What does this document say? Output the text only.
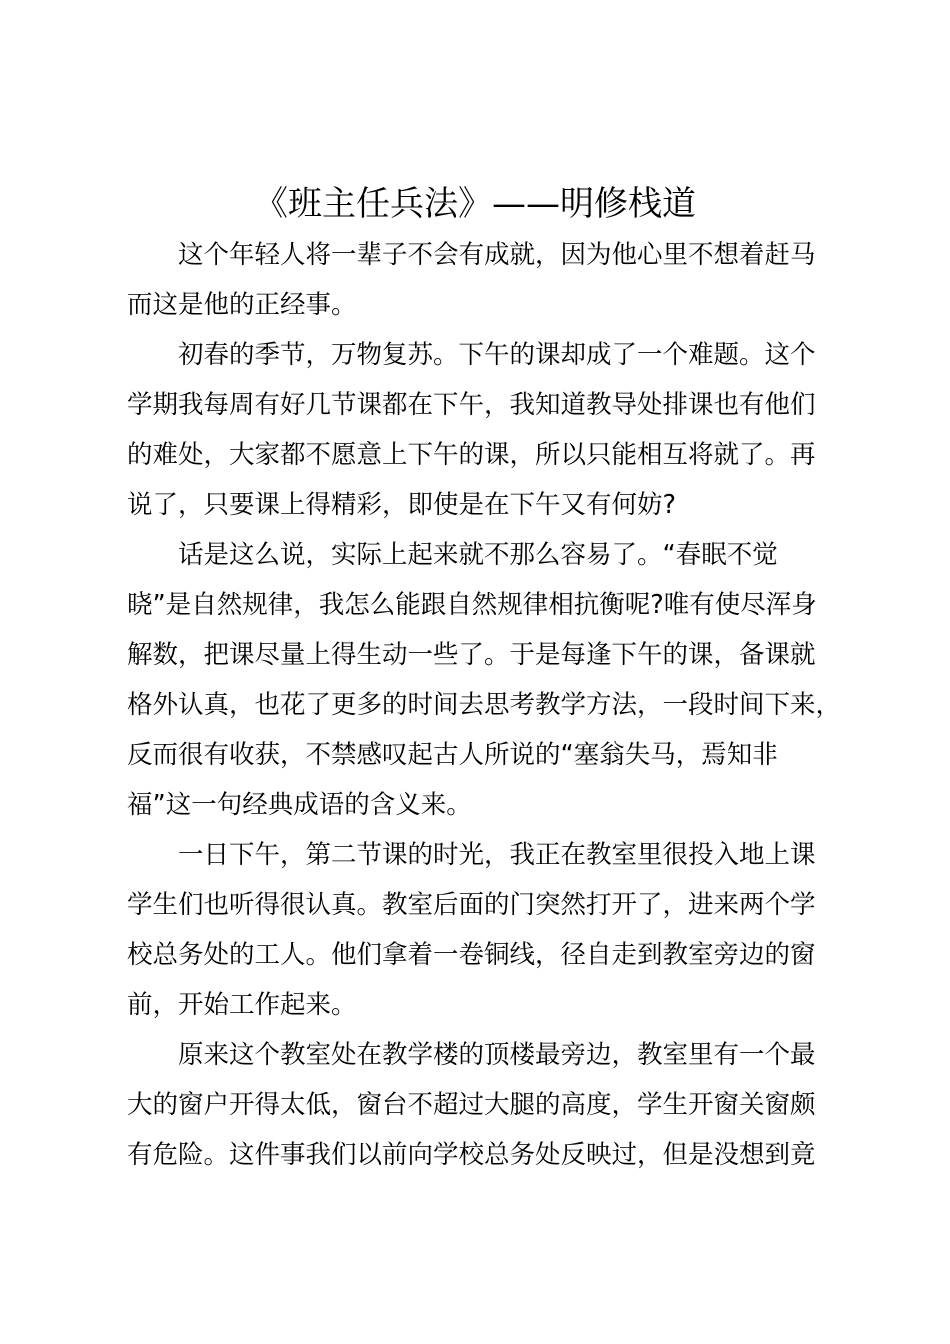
《班主任兵法》——明修栈道
这个年轻人将一辈子不会有成就，因为他心里不想着赶马
而这是他的正经事。
初春的季节，万物复苏。下午的课却成了一个难题。这个
学期我每周有好几节课都在下午，我知道教导处排课也有他们
的难处，大家都不愿意上下午的课，所以只能相互将就了。再
说了，只要课上得精彩，即使是在下午又有何妨?
话是这么说，实际上起来就不那么容易了。“春眠不觉
晓”是自然规律，我怎么能跟自然规律相抗衡呢?唯有使尽浑身
解数，把课尽量上得生动一些了。于是每逢下午的课，备课就
格外认真，也花了更多的时间去思考教学方法，一段时间下来，
反而很有收获，不禁感叹起古人所说的“塞翁失马，焉知非
福”这一句经典成语的含义来。
一日下午，第二节课的时光，我正在教室里很投入地上课
学生们也听得很认真。教室后面的门突然打开了，进来两个学
校总务处的工人。他们拿着一卷铜线，径自走到教室旁边的窗
前，开始工作起来。
原来这个教室处在教学楼的顶楼最旁边，教室里有一个最
大的窗户开得太低，窗台不超过大腿的高度，学生开窗关窗颇
有危险。这件事我们以前向学校总务处反映过，但是没想到竟
